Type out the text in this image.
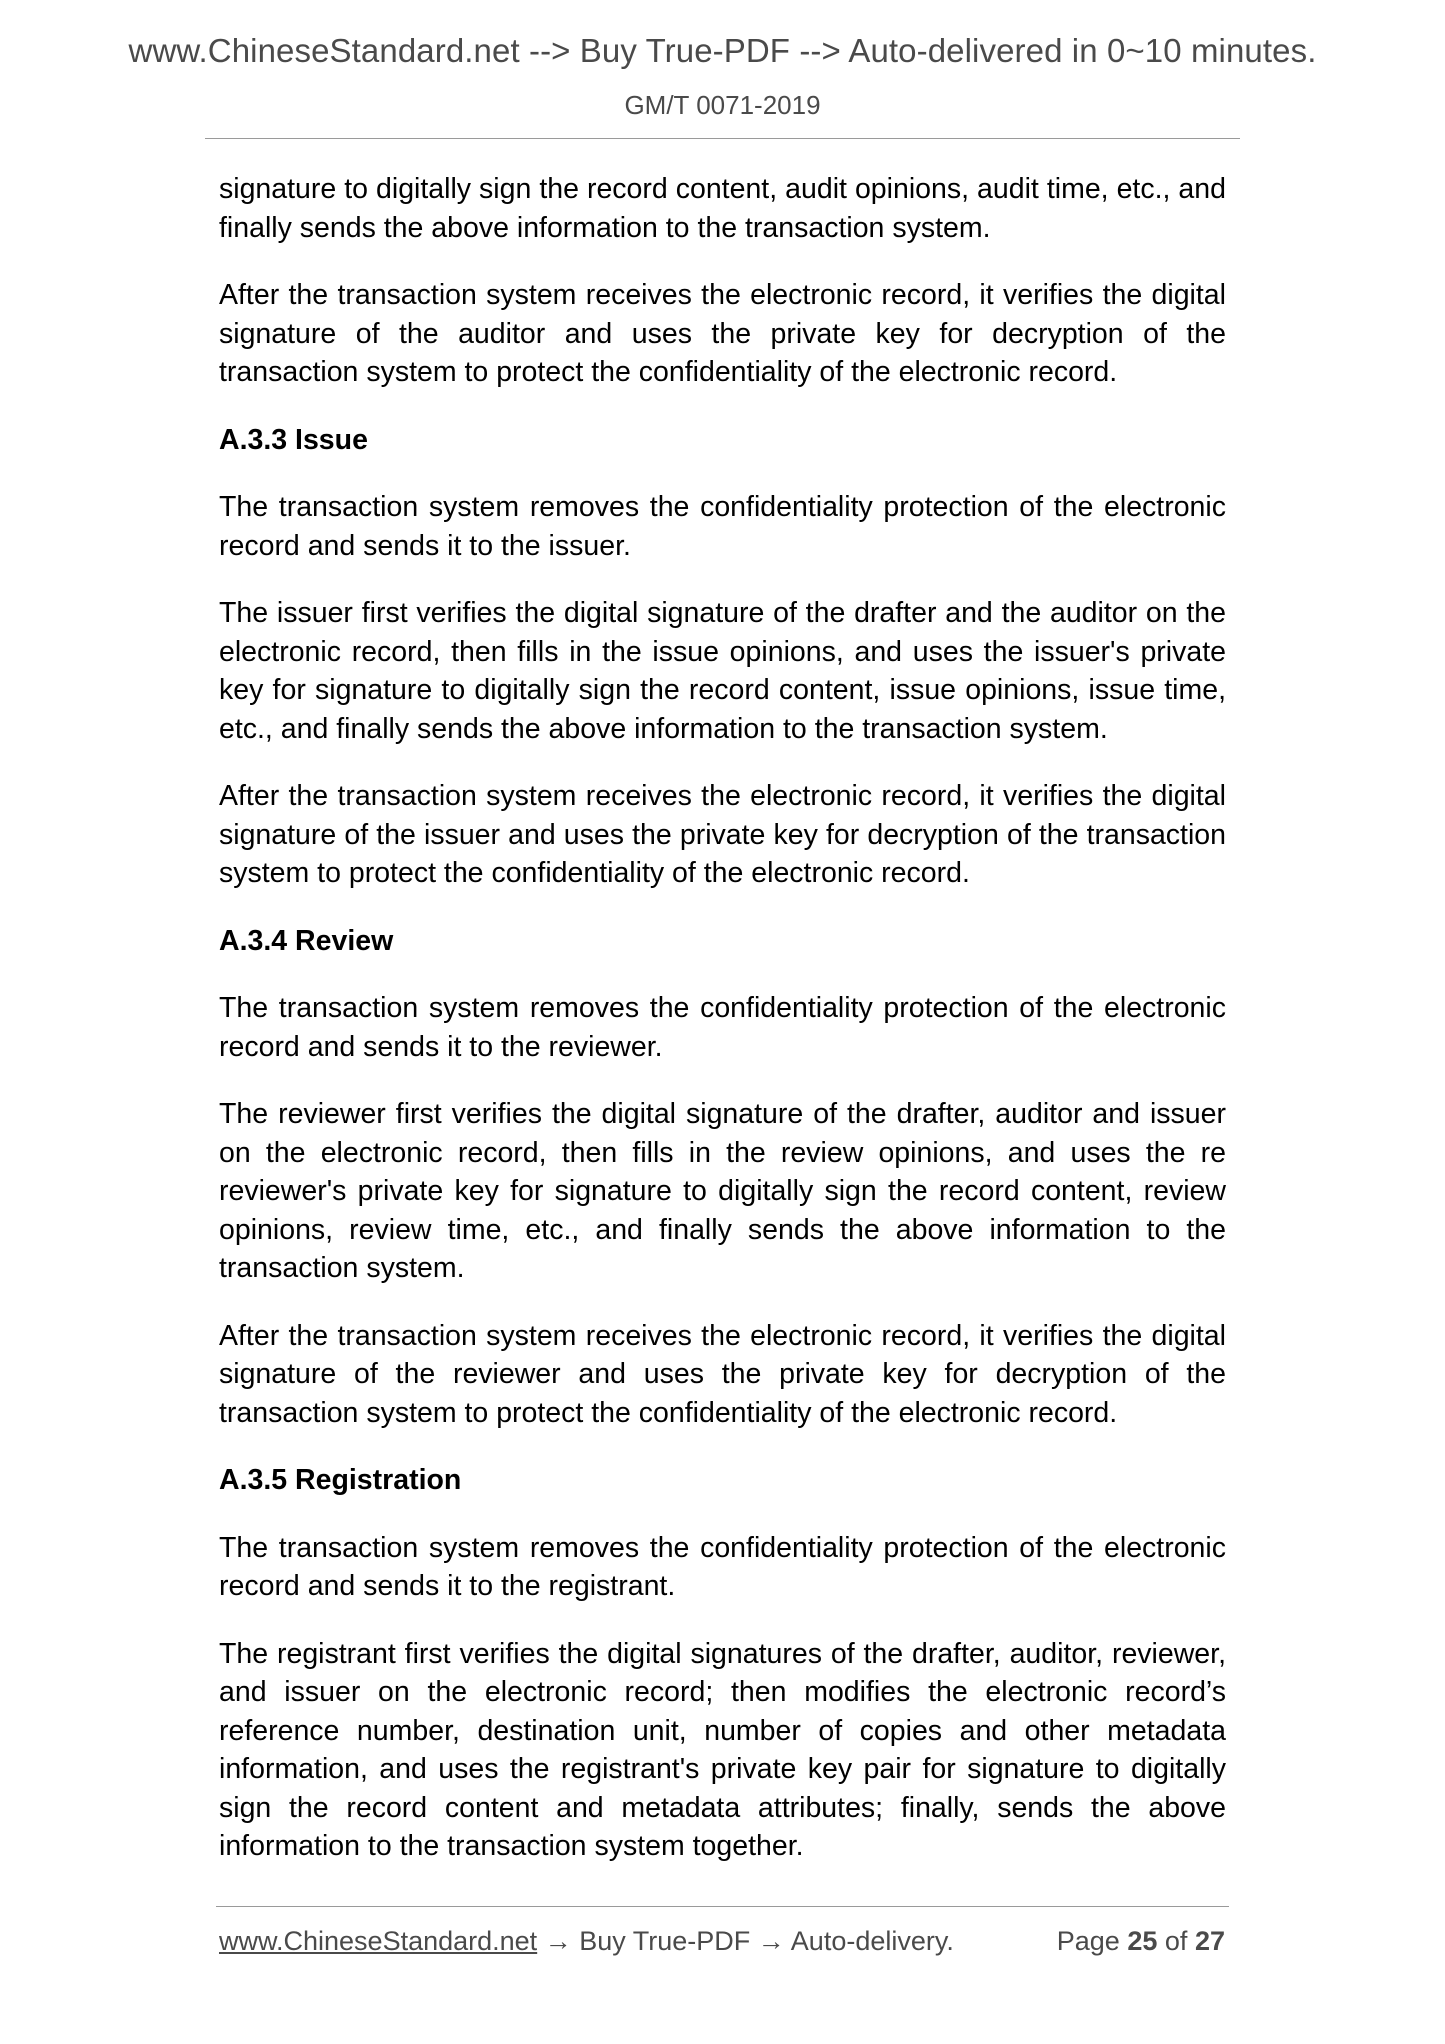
www.ChineseStandard.net --> Buy True-PDF --> Auto-delivered in 0~10 minutes.
GM/T 0071-2019

signature to digitally sign the record content, audit opinions, audit time, etc., and finally sends the above information to the transaction system.

After the transaction system receives the electronic record, it verifies the digital signature of the auditor and uses the private key for decryption of the transaction system to protect the confidentiality of the electronic record.

A.3.3 Issue

The transaction system removes the confidentiality protection of the electronic record and sends it to the issuer.

The issuer first verifies the digital signature of the drafter and the auditor on the electronic record, then fills in the issue opinions, and uses the issuer's private key for signature to digitally sign the record content, issue opinions, issue time, etc., and finally sends the above information to the transaction system.

After the transaction system receives the electronic record, it verifies the digital signature of the issuer and uses the private key for decryption of the transaction system to protect the confidentiality of the electronic record.

A.3.4 Review

The transaction system removes the confidentiality protection of the electronic record and sends it to the reviewer.

The reviewer first verifies the digital signature of the drafter, auditor and issuer on the electronic record, then fills in the review opinions, and uses the re reviewer's private key for signature to digitally sign the record content, review opinions, review time, etc., and finally sends the above information to the transaction system.

After the transaction system receives the electronic record, it verifies the digital signature of the reviewer and uses the private key for decryption of the transaction system to protect the confidentiality of the electronic record.

A.3.5 Registration

The transaction system removes the confidentiality protection of the electronic record and sends it to the registrant.

The registrant first verifies the digital signatures of the drafter, auditor, reviewer, and issuer on the electronic record; then modifies the electronic record’s reference number, destination unit, number of copies and other metadata information, and uses the registrant's private key pair for signature to digitally sign the record content and metadata attributes; finally, sends the above information to the transaction system together.

www.ChineseStandard.net → Buy True-PDF → Auto-delivery.	Page 25 of 27
